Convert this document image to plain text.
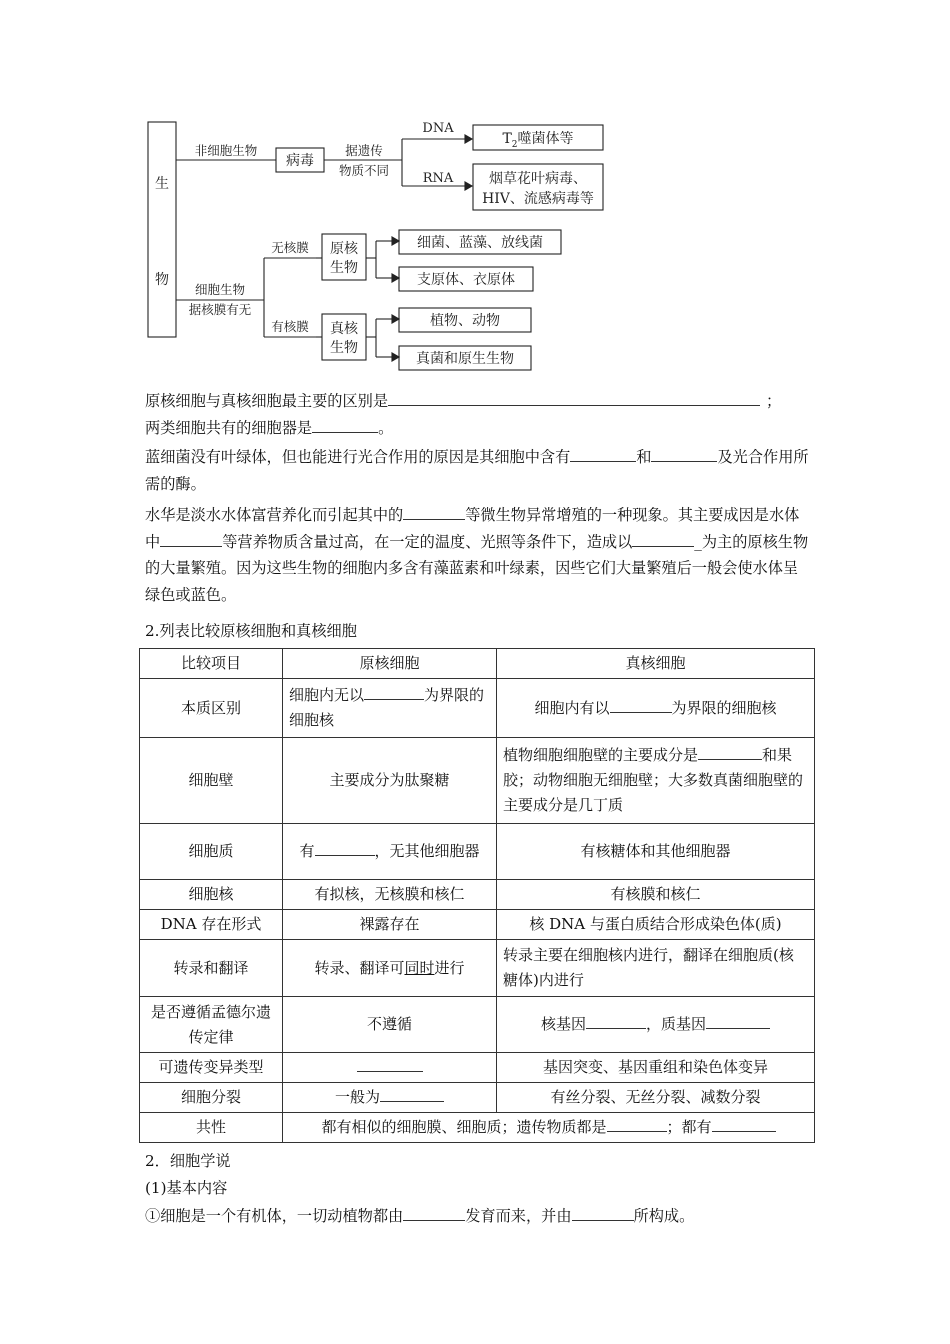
生
物
非细胞生物
病毒
据遗传
物质不同
DNA
RNA
$T_2$噬菌体等
烟草花叶病毒、
HIV、流感病毒等
细胞生物
据核膜有无
无核膜
有核膜
原核
生物
真核
生物
细菌、蓝藻、放线菌
支原体、衣原体
植物、动物
真菌和原生生物

原核细胞与真核细胞最主要的区别是	；

两类细胞共有的细胞器是	。

蓝细菌没有叶绿体，但也能进行光合作用的原因是其细胞中含有	和	及光合作用所需的酶。

水华是淡水水体富营养化而引起其中的	等微生物异常增殖的一种现象。其主要成因是水体中	等营养物质含量过高，在一定的温度、光照等条件下，造成以	_为主的原核生物的大量繁殖。因为这些生物的细胞内多含有藻蓝素和叶绿素，因些它们大量繁殖后一般会使水体呈绿色或蓝色。

2.列表比较原核细胞和真核细胞

比较项目	原核细胞	真核细胞
本质区别	细胞内无以 为界限的细胞核	细胞内有以 为界限的细胞核
细胞壁	主要成分为肽聚糖	植物细胞细胞壁的主要成分是 和果胶；动物细胞无细胞壁；大多数真菌细胞壁的主要成分是几丁质
细胞质	有 ，无其他细胞器	有核糖体和其他细胞器
细胞核	有拟核，无核膜和核仁	有核膜和核仁
DNA 存在形式	裸露存在	核 DNA 与蛋白质结合形成染色体(质)
转录和翻译	转录、翻译可同时进行	转录主要在细胞核内进行，翻译在细胞质(核糖体)内进行
是否遵循孟德尔遗传定律	不遵循	核基因 ，质基因
可遗传变异类型		基因突变、基因重组和染色体变异
细胞分裂	一般为	有丝分裂、无丝分裂、减数分裂
共性	都有相似的细胞膜、细胞质；遗传物质都是 ；都有	

2．细胞学说

(1)基本内容

①细胞是一个有机体，一切动植物都由	发育而来，并由	所构成。
